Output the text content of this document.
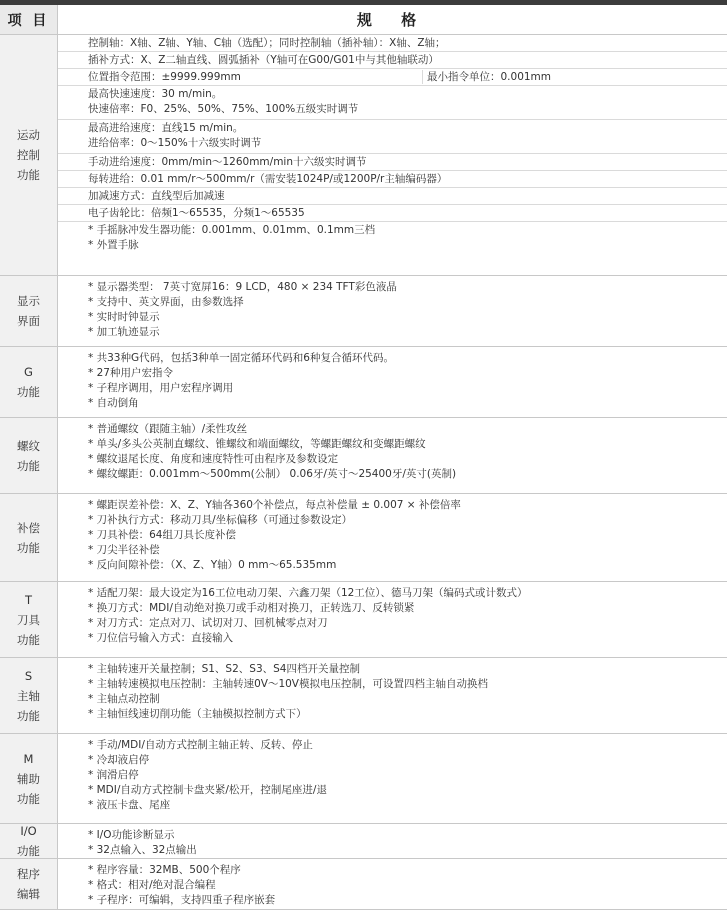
项 目	规 格
运动
控制
功能
控制轴：X轴、Z轴、Y轴、C轴（选配）；同时控制轴（插补轴）：X轴、Z轴；
插补方式：X、Z二轴直线、圆弧插补（Y轴可在G00/G01中与其他轴联动）
位置指令范围：±9999.999mm	最小指令单位：0.001mm
最高快速速度：30 m/min。
快速倍率：F0、25%、50%、75%、100%五级实时调节
最高进给速度：直线15 m/min。
进给倍率：0～150%十六级实时调节
手动进给速度：0mm/min～1260mm/min十六级实时调节
每转进给：0.01 mm/r～500mm/r（需安装1024P/或1200P/r主轴编码器）
加减速方式：直线型后加减速
电子齿轮比：倍频1～65535，分频1～65535
* 手摇脉冲发生器功能：0.001mm、0.01mm、0.1mm三档
* 外置手脉
显示
界面
* 显示器类型： 7英寸宽屏16：9 LCD，480 × 234 TFT彩色液晶
* 支持中、英文界面，由参数选择
* 实时时钟显示
* 加工轨迹显示
G
功能
* 共33种G代码，包括3种单一固定循环代码和6种复合循环代码。
* 27种用户宏指令
* 子程序调用，用户宏程序调用
* 自动倒角
螺纹
功能
* 普通螺纹（跟随主轴）/柔性攻丝
* 单头/多头公英制直螺纹、锥螺纹和端面螺纹，等螺距螺纹和变螺距螺纹
* 螺纹退尾长度、角度和速度特性可由程序及参数设定
* 螺纹螺距：0.001mm～500mm(公制） 0.06牙/英寸～25400牙/英寸(英制)
补偿
功能
* 螺距误差补偿：X、Z、Y轴各360个补偿点，每点补偿量 ± 0.007 × 补偿倍率
* 刀补执行方式：移动刀具/坐标偏移（可通过参数设定）
* 刀具补偿：64组刀具长度补偿
* 刀尖半径补偿
* 反向间隙补偿：（X、Z、Y轴）0 mm～65.535mm
T
刀具
功能
* 适配刀架：最大设定为16工位电动刀架、六鑫刀架（12工位）、德马刀架（编码式或计数式）
* 换刀方式：MDI/自动绝对换刀或手动相对换刀，正转选刀、反转锁紧
* 对刀方式：定点对刀、试切对刀、回机械零点对刀
* 刀位信号输入方式：直接输入
S
主轴
功能
* 主轴转速开关量控制；S1、S2、S3、S4四档开关量控制
* 主轴转速模拟电压控制：主轴转速0V～10V模拟电压控制，可设置四档主轴自动换档
* 主轴点动控制
* 主轴恒线速切削功能（主轴模拟控制方式下）
M
辅助
功能
* 手动/MDI/自动方式控制主轴正转、反转、停止
* 冷却液启停
* 润滑启停
* MDI/自动方式控制卡盘夹紧/松开，控制尾座进/退
* 液压卡盘、尾座
I/O
功能
* I/O功能诊断显示
* 32点输入、32点输出
程序
编辑
* 程序容量：32MB、500个程序
* 格式：相对/绝对混合编程
* 子程序：可编辑，支持四重子程序嵌套
